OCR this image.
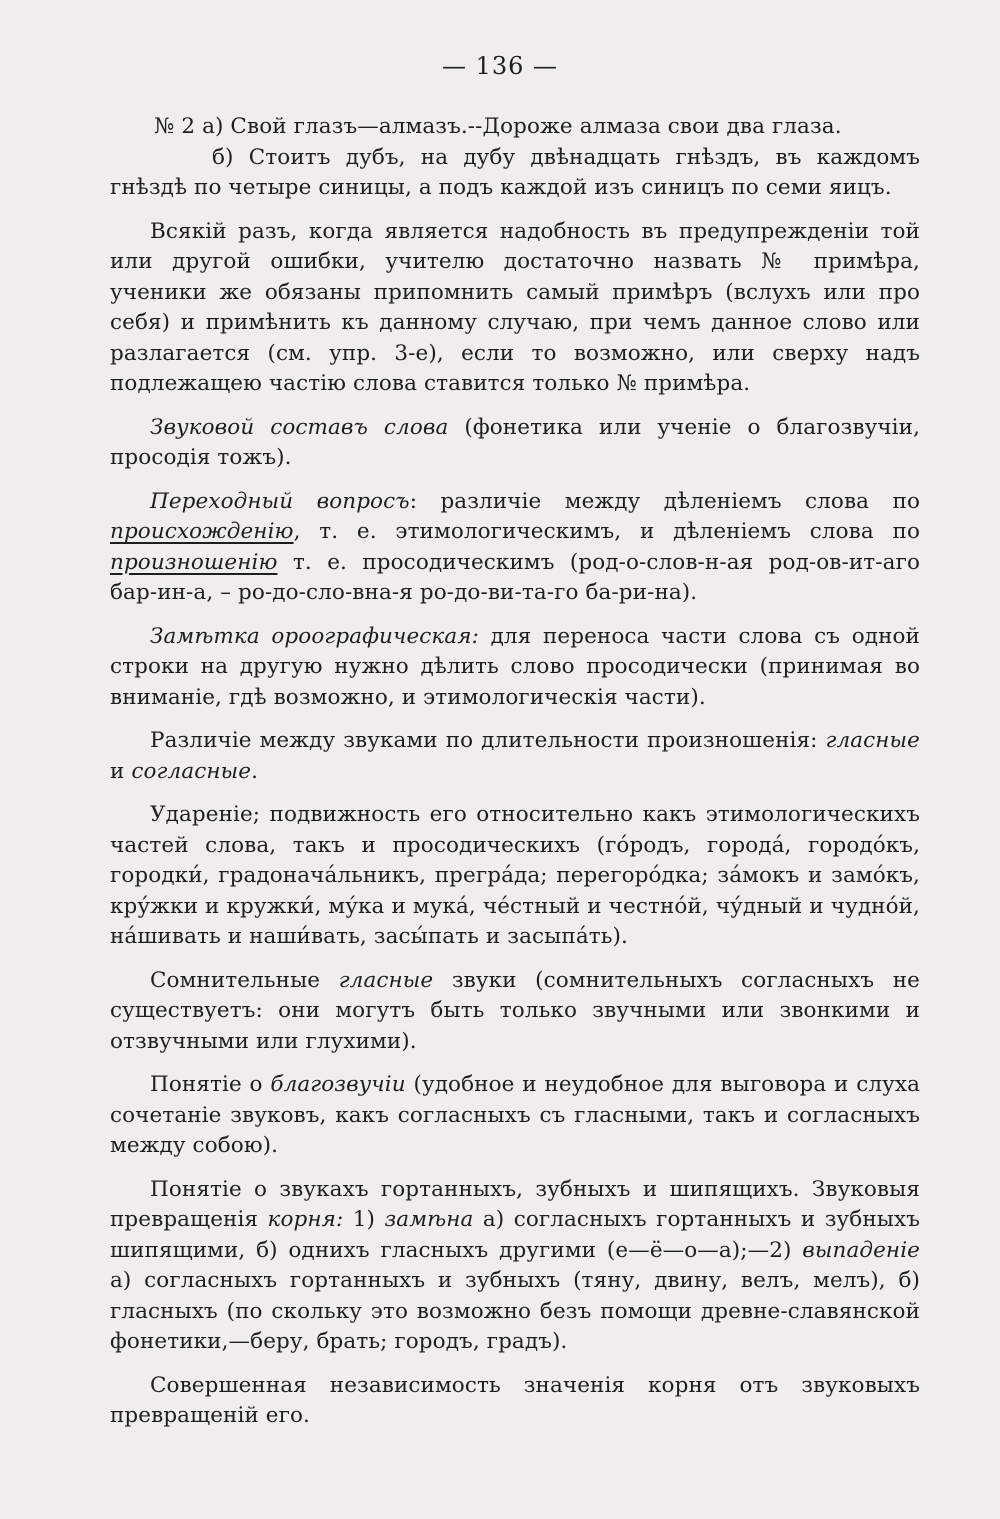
— 136 —

№ 2 а) Свой глазъ—алмазъ.--Дороже алмаза свои два глаза.

б) Стоитъ дубъ, на дубу двѣнадцать гнѣздъ, въ каждомъ гнѣздѣ по четыре синицы, а подъ каждой изъ синицъ по семи яицъ.

Всякій разъ, когда является надобность въ предупрежденіи той или другой ошибки, учителю достаточно назвать № примѣра, ученики же обязаны припомнить самый примѣръ (вслухъ или про себя) и примѣнить къ данному случаю, при чемъ данное слово или разлагается (см. упр. 3-е), если то возможно, или сверху надъ подлежащею частію слова ставится только № примѣра.

Звуковой составъ слова (фонетика или ученіе о благозвучіи, просодія тожъ).

Переходный вопросъ: различіе между дѣленіемъ слова по происхожденію, т. е. этимологическимъ, и дѣленіемъ слова по произношенію т. е. просодическимъ (род-о-слов-н-ая род-ов-ит-аго бар-ин-а, – ро-до-сло-вна-я ро-до-ви-та-го ба-ри-на).

Замѣтка ороографическая: для переноса части слова съ одной строки на другую нужно дѣлить слово просодически (принимая во вниманіе, гдѣ возможно, и этимологическія части).

Различіе между звуками по длительности произношенія: гласные и согласные.

Удареніе; подвижность его относительно какъ этимологическихъ частей слова, такъ и просодическихъ (го́родъ, города́, городо́къ, городки́, градонача́льникъ, прегра́да; перегоро́дка; за́мокъ и замо́къ, кру́жки и кружки́, му́ка и мука́, че́стный и честно́й, чу́дный и чудно́й, на́шивать и наши́вать, засы́пать и засыпа́ть).

Сомнительные гласные звуки (сомнительныхъ согласныхъ не существуетъ: они могутъ быть только звучными или звонкими и отзвучными или глухими).

Понятіе о благозвучіи (удобное и неудобное для выговора и слуха сочетаніе звуковъ, какъ согласныхъ съ гласными, такъ и согласныхъ между собою).

Понятіе о звукахъ гортанныхъ, зубныхъ и шипящихъ. Звуковыя превращенія корня: 1) замѣна а) согласныхъ гортанныхъ и зубныхъ шипящими, б) однихъ гласныхъ другими (е—ё—о—а);—2) выпаденіе а) согласныхъ гортанныхъ и зубныхъ (тяну, двину, велъ, мелъ), б) гласныхъ (по скольку это возможно безъ помощи древне-славянской фонетики,—беру, брать; городъ, градъ).

Совершенная независимость значенія корня отъ звуковыхъ превращеній его.
